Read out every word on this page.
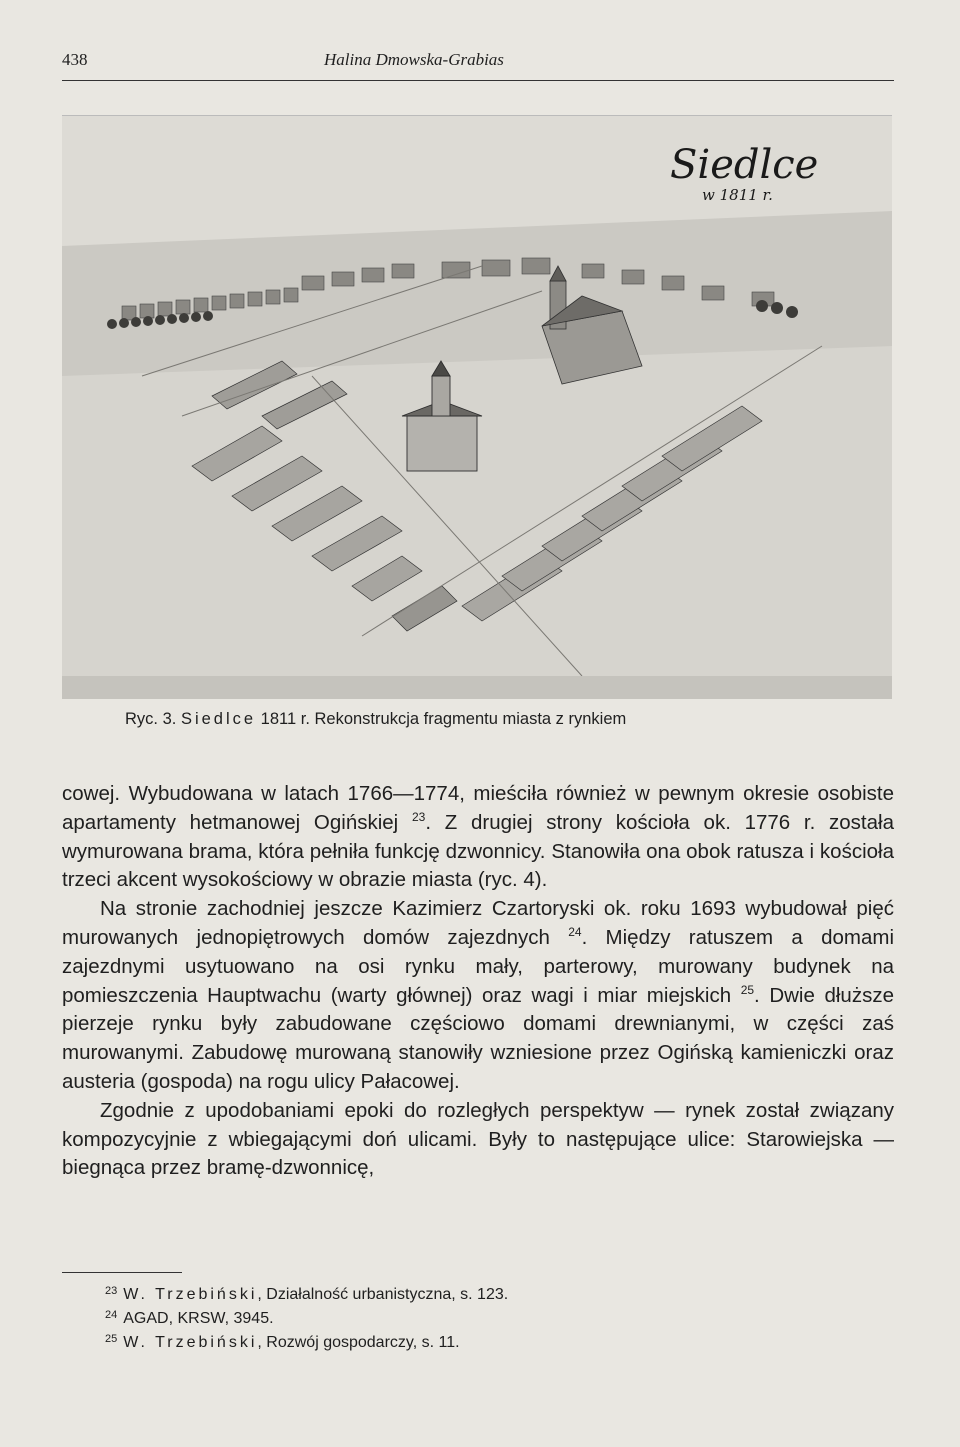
438	Halina Dmowska-Grabias
Siedlce
w 1811 r.
Ryc. 3. Siedlce 1811 r. Rekonstrukcja fragmentu miasta z rynkiem

cowej. Wybudowana w latach 1766—1774, mieściła również w pewnym okresie osobiste apartamenty hetmanowej Ogińskiej $^{23}$. Z drugiej strony kościoła ok. 1776 r. została wymurowana brama, która pełniła funkcję dzwonnicy. Stanowiła ona obok ratusza i kościoła trzeci akcent wysokościowy w obrazie miasta (ryc. 4).

Na stronie zachodniej jeszcze Kazimierz Czartoryski ok. roku 1693 wybudował pięć murowanych jednopiętrowych domów zajezdnych $^{24}$. Między ratuszem a domami zajezdnymi usytuowano na osi rynku mały, parterowy, murowany budynek na pomieszczenia Hauptwachu (warty głównej) oraz wagi i miar miejskich $^{25}$. Dwie dłuższe pierzeje rynku były zabudowane częściowo domami drewnianymi, w części zaś murowanymi. Zabudowę murowaną stanowiły wzniesione przez Ogińską kamieniczki oraz austeria (gospoda) na rogu ulicy Pałacowej.

Zgodnie z upodobaniami epoki do rozległych perspektyw — rynek został związany kompozycyjnie z wbiegającymi doń ulicami. Były to następujące ulice: Starowiejska — biegnąca przez bramę-dzwonnicę,

$^{23}$ W. Trzebiński, Działalność urbanistyczna, s. 123.
$^{24}$ AGAD, KRSW, 3945.
$^{25}$ W. Trzebiński, Rozwój gospodarczy, s. 11.
